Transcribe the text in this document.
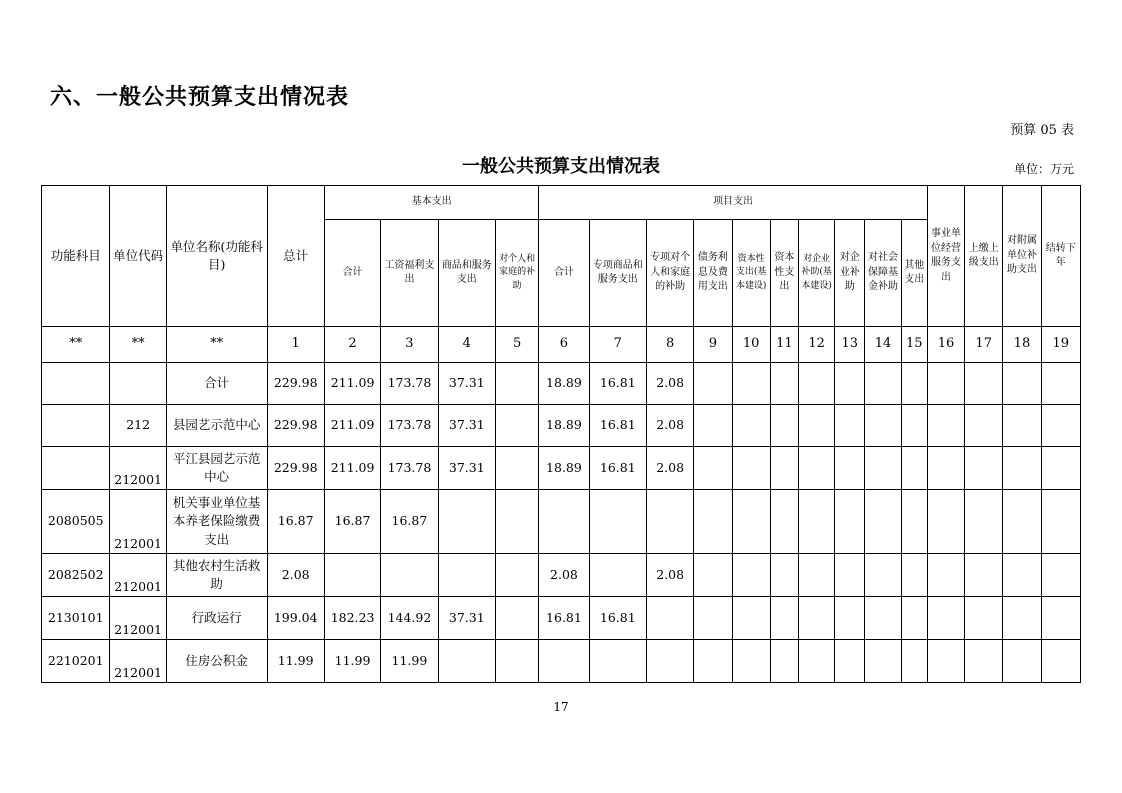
六、一般公共预算支出情况表
预算 05 表
一般公共预算支出情况表	单位：万元
功能科目	单位代码	单位名称(功能科目)	总计	基本支出				项目支出										事业单位经营服务支出	上缴上级支出	对附属单位补助支出	结转下年
				合计	工资福利支出	商品和服务支出	对个人和家庭的补助	合计	专项商品和服务支出	专项对个人和家庭的补助	债务利息及费用支出	资本性支出(基本建设)	资本性支出	对企业补助(基本建设)	对企业补助	对社会保障基金补助	其他支出				
**	**	**	1	2	3	4	5	6	7	8	9	10	11	12	13	14	15	16	17	18	19
		合计	229.98	211.09	173.78	37.31		18.89	16.81	2.08											
	212	县园艺示范中心	229.98	211.09	173.78	37.31		18.89	16.81	2.08											
	212001	平江县园艺示范中心	229.98	211.09	173.78	37.31		18.89	16.81	2.08											
2080505	212001	机关事业单位基本养老保险缴费支出	16.87	16.87	16.87																
2082502	212001	其他农村生活救助	2.08					2.08		2.08											
2130101	212001	行政运行	199.04	182.23	144.92	37.31		16.81	16.81												
2210201	212001	住房公积金	11.99	11.99	11.99																
17
